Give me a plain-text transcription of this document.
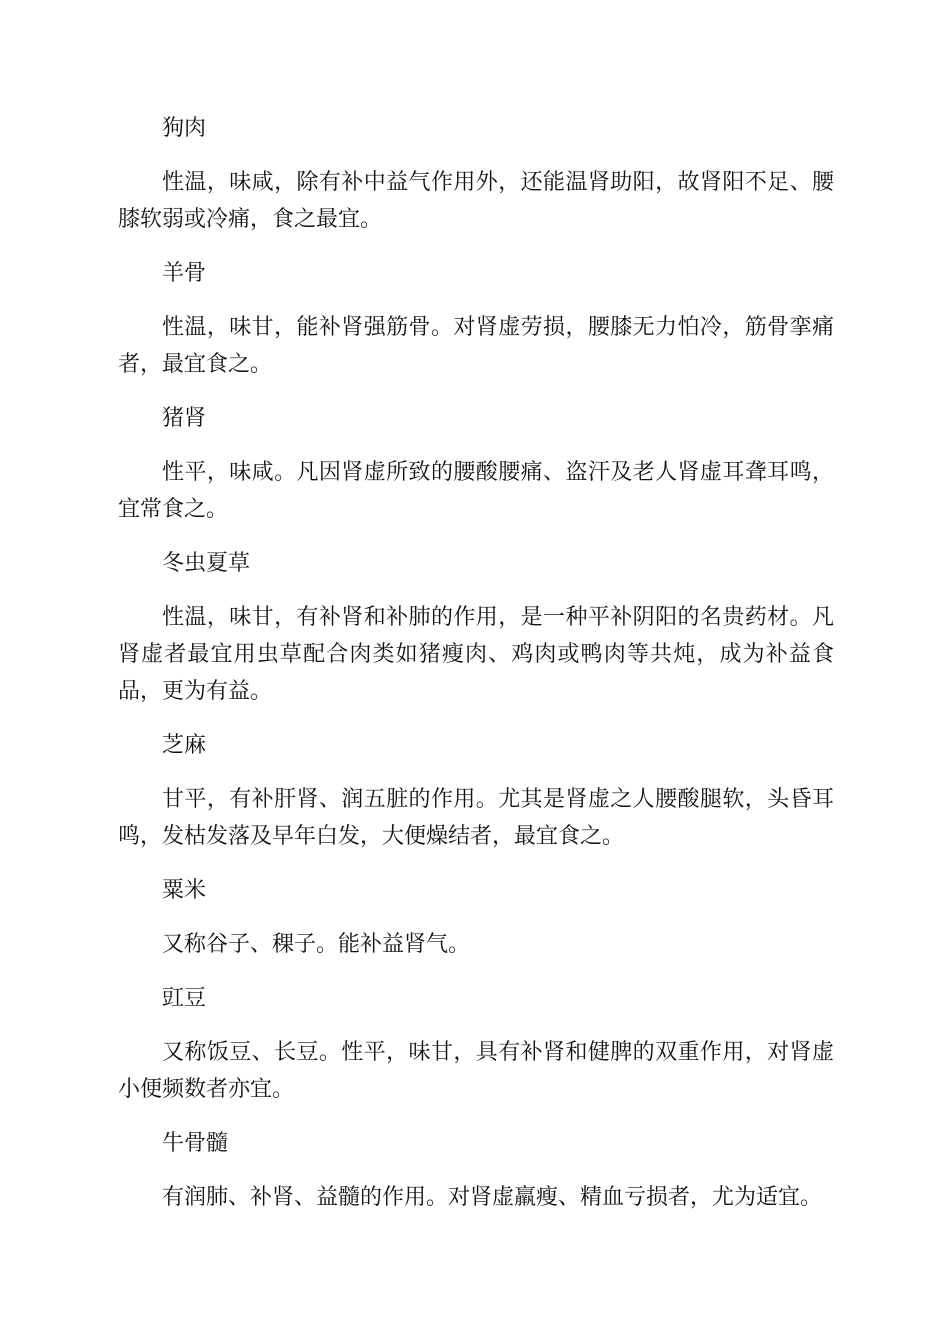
狗肉

性温，味咸，除有补中益气作用外，还能温肾助阳，故肾阳不足、腰膝软弱或冷痛，食之最宜。

羊骨

性温，味甘，能补肾强筋骨。对肾虚劳损，腰膝无力怕冷，筋骨挛痛者，最宜食之。

猪肾

性平，味咸。凡因肾虚所致的腰酸腰痛、盗汗及老人肾虚耳聋耳鸣，宜常食之。

冬虫夏草

性温，味甘，有补肾和补肺的作用，是一种平补阴阳的名贵药材。凡肾虚者最宜用虫草配合肉类如猪瘦肉、鸡肉或鸭肉等共炖，成为补益食品，更为有益。

芝麻

甘平，有补肝肾、润五脏的作用。尤其是肾虚之人腰酸腿软，头昏耳鸣，发枯发落及早年白发，大便燥结者，最宜食之。

粟米

又称谷子、稞子。能补益肾气。

豇豆

又称饭豆、长豆。性平，味甘，具有补肾和健脾的双重作用，对肾虚小便频数者亦宜。

牛骨髓

有润肺、补肾、益髓的作用。对肾虚羸瘦、精血亏损者，尤为适宜。
